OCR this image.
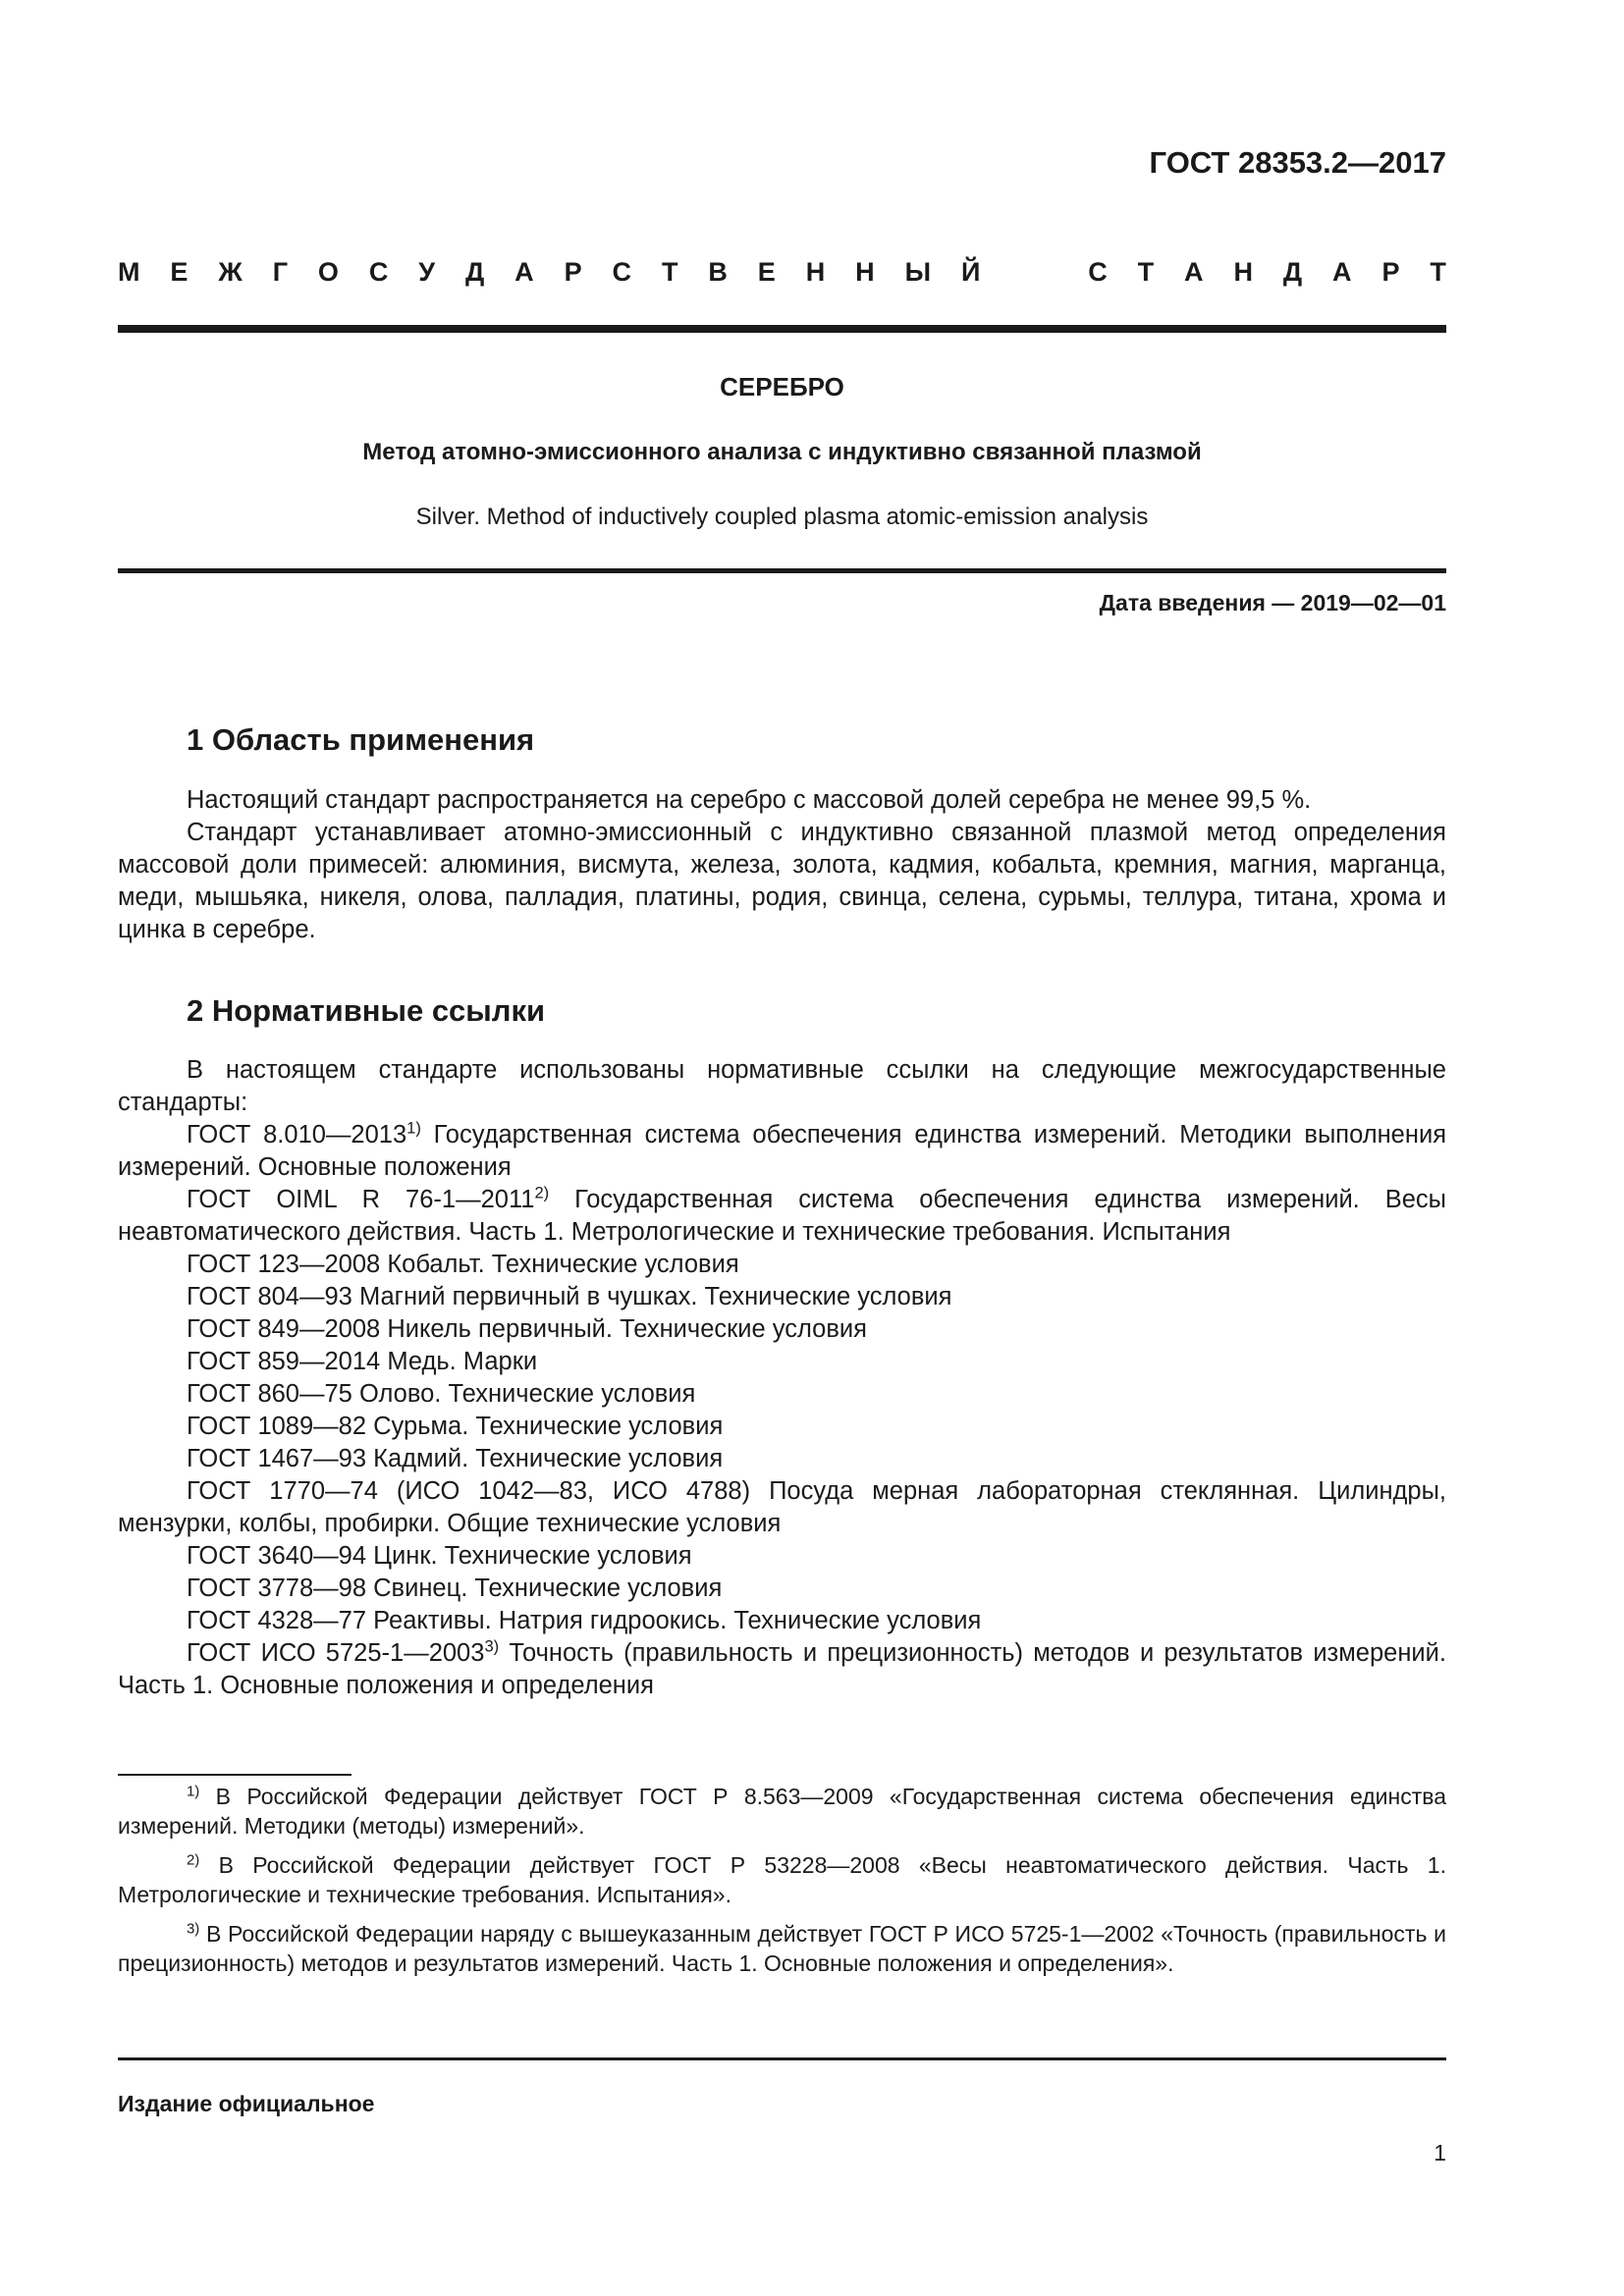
ГОСТ 28353.2—2017
М Е Ж Г О С У Д А Р С Т В Е Н Н Ы Й	С Т А Н Д А Р Т
СЕРЕБРО
Метод атомно-эмиссионного анализа с индуктивно связанной плазмой
Silver. Method of inductively coupled plasma atomic-emission analysis
Дата введения — 2019—02—01
1 Область применения

Настоящий стандарт распространяется на серебро с массовой долей серебра не менее 99,5 %.

Стандарт устанавливает атомно-эмиссионный с индуктивно связанной плазмой метод определения массовой доли примесей: алюминия, висмута, железа, золота, кадмия, кобальта, кремния, магния, марганца, меди, мышьяка, никеля, олова, палладия, платины, родия, свинца, селена, сурьмы, теллура, титана, хрома и цинка в серебре.

2 Нормативные ссылки

В настоящем стандарте использованы нормативные ссылки на следующие межгосударственные стандарты:

ГОСТ 8.010—2013$^{1)}$ Государственная система обеспечения единства измерений. Методики выполнения измерений. Основные положения

ГОСТ OIML R 76-1—2011$^{2)}$ Государственная система обеспечения единства измерений. Весы неавтоматического действия. Часть 1. Метрологические и технические требования. Испытания

ГОСТ 123—2008 Кобальт. Технические условия

ГОСТ 804—93 Магний первичный в чушках. Технические условия

ГОСТ 849—2008 Никель первичный. Технические условия

ГОСТ 859—2014 Медь. Марки

ГОСТ 860—75 Олово. Технические условия

ГОСТ 1089—82 Сурьма. Технические условия

ГОСТ 1467—93 Кадмий. Технические условия

ГОСТ 1770—74 (ИСО 1042—83, ИСО 4788) Посуда мерная лабораторная стеклянная. Цилиндры, мензурки, колбы, пробирки. Общие технические условия

ГОСТ 3640—94 Цинк. Технические условия

ГОСТ 3778—98 Свинец. Технические условия

ГОСТ 4328—77 Реактивы. Натрия гидроокись. Технические условия

ГОСТ ИСО 5725-1—2003$^{3)}$ Точность (правильность и прецизионность) методов и результатов измерений. Часть 1. Основные положения и определения

$^{1)}$ В Российской Федерации действует ГОСТ Р 8.563—2009 «Государственная система обеспечения единства измерений. Методики (методы) измерений».

$^{2)}$ В Российской Федерации действует ГОСТ Р 53228—2008 «Весы неавтоматического действия. Часть 1. Метрологические и технические требования. Испытания».

$^{3)}$ В Российской Федерации наряду с вышеуказанным действует ГОСТ Р ИСО 5725-1—2002 «Точность (правильность и прецизионность) методов и результатов измерений. Часть 1. Основные положения и определения».

Издание официальное
1
